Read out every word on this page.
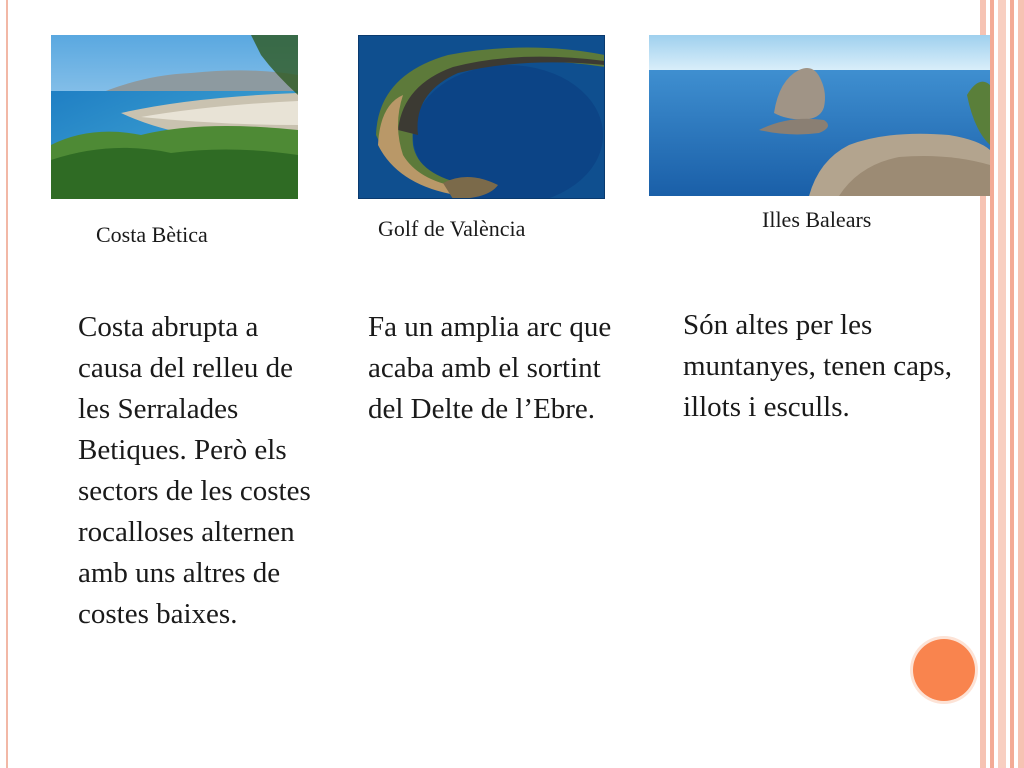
Costa Bètica	Golf de València	Illes Balears

Costa abrupta a causa del relleu de les Serralades Betiques. Però els sectors de les costes rocalloses alternen amb uns altres de costes baixes.

Fa un amplia arc que acaba amb el sortint del Delte de l’Ebre.

Són altes per les muntanyes, tenen caps, illots i esculls.
